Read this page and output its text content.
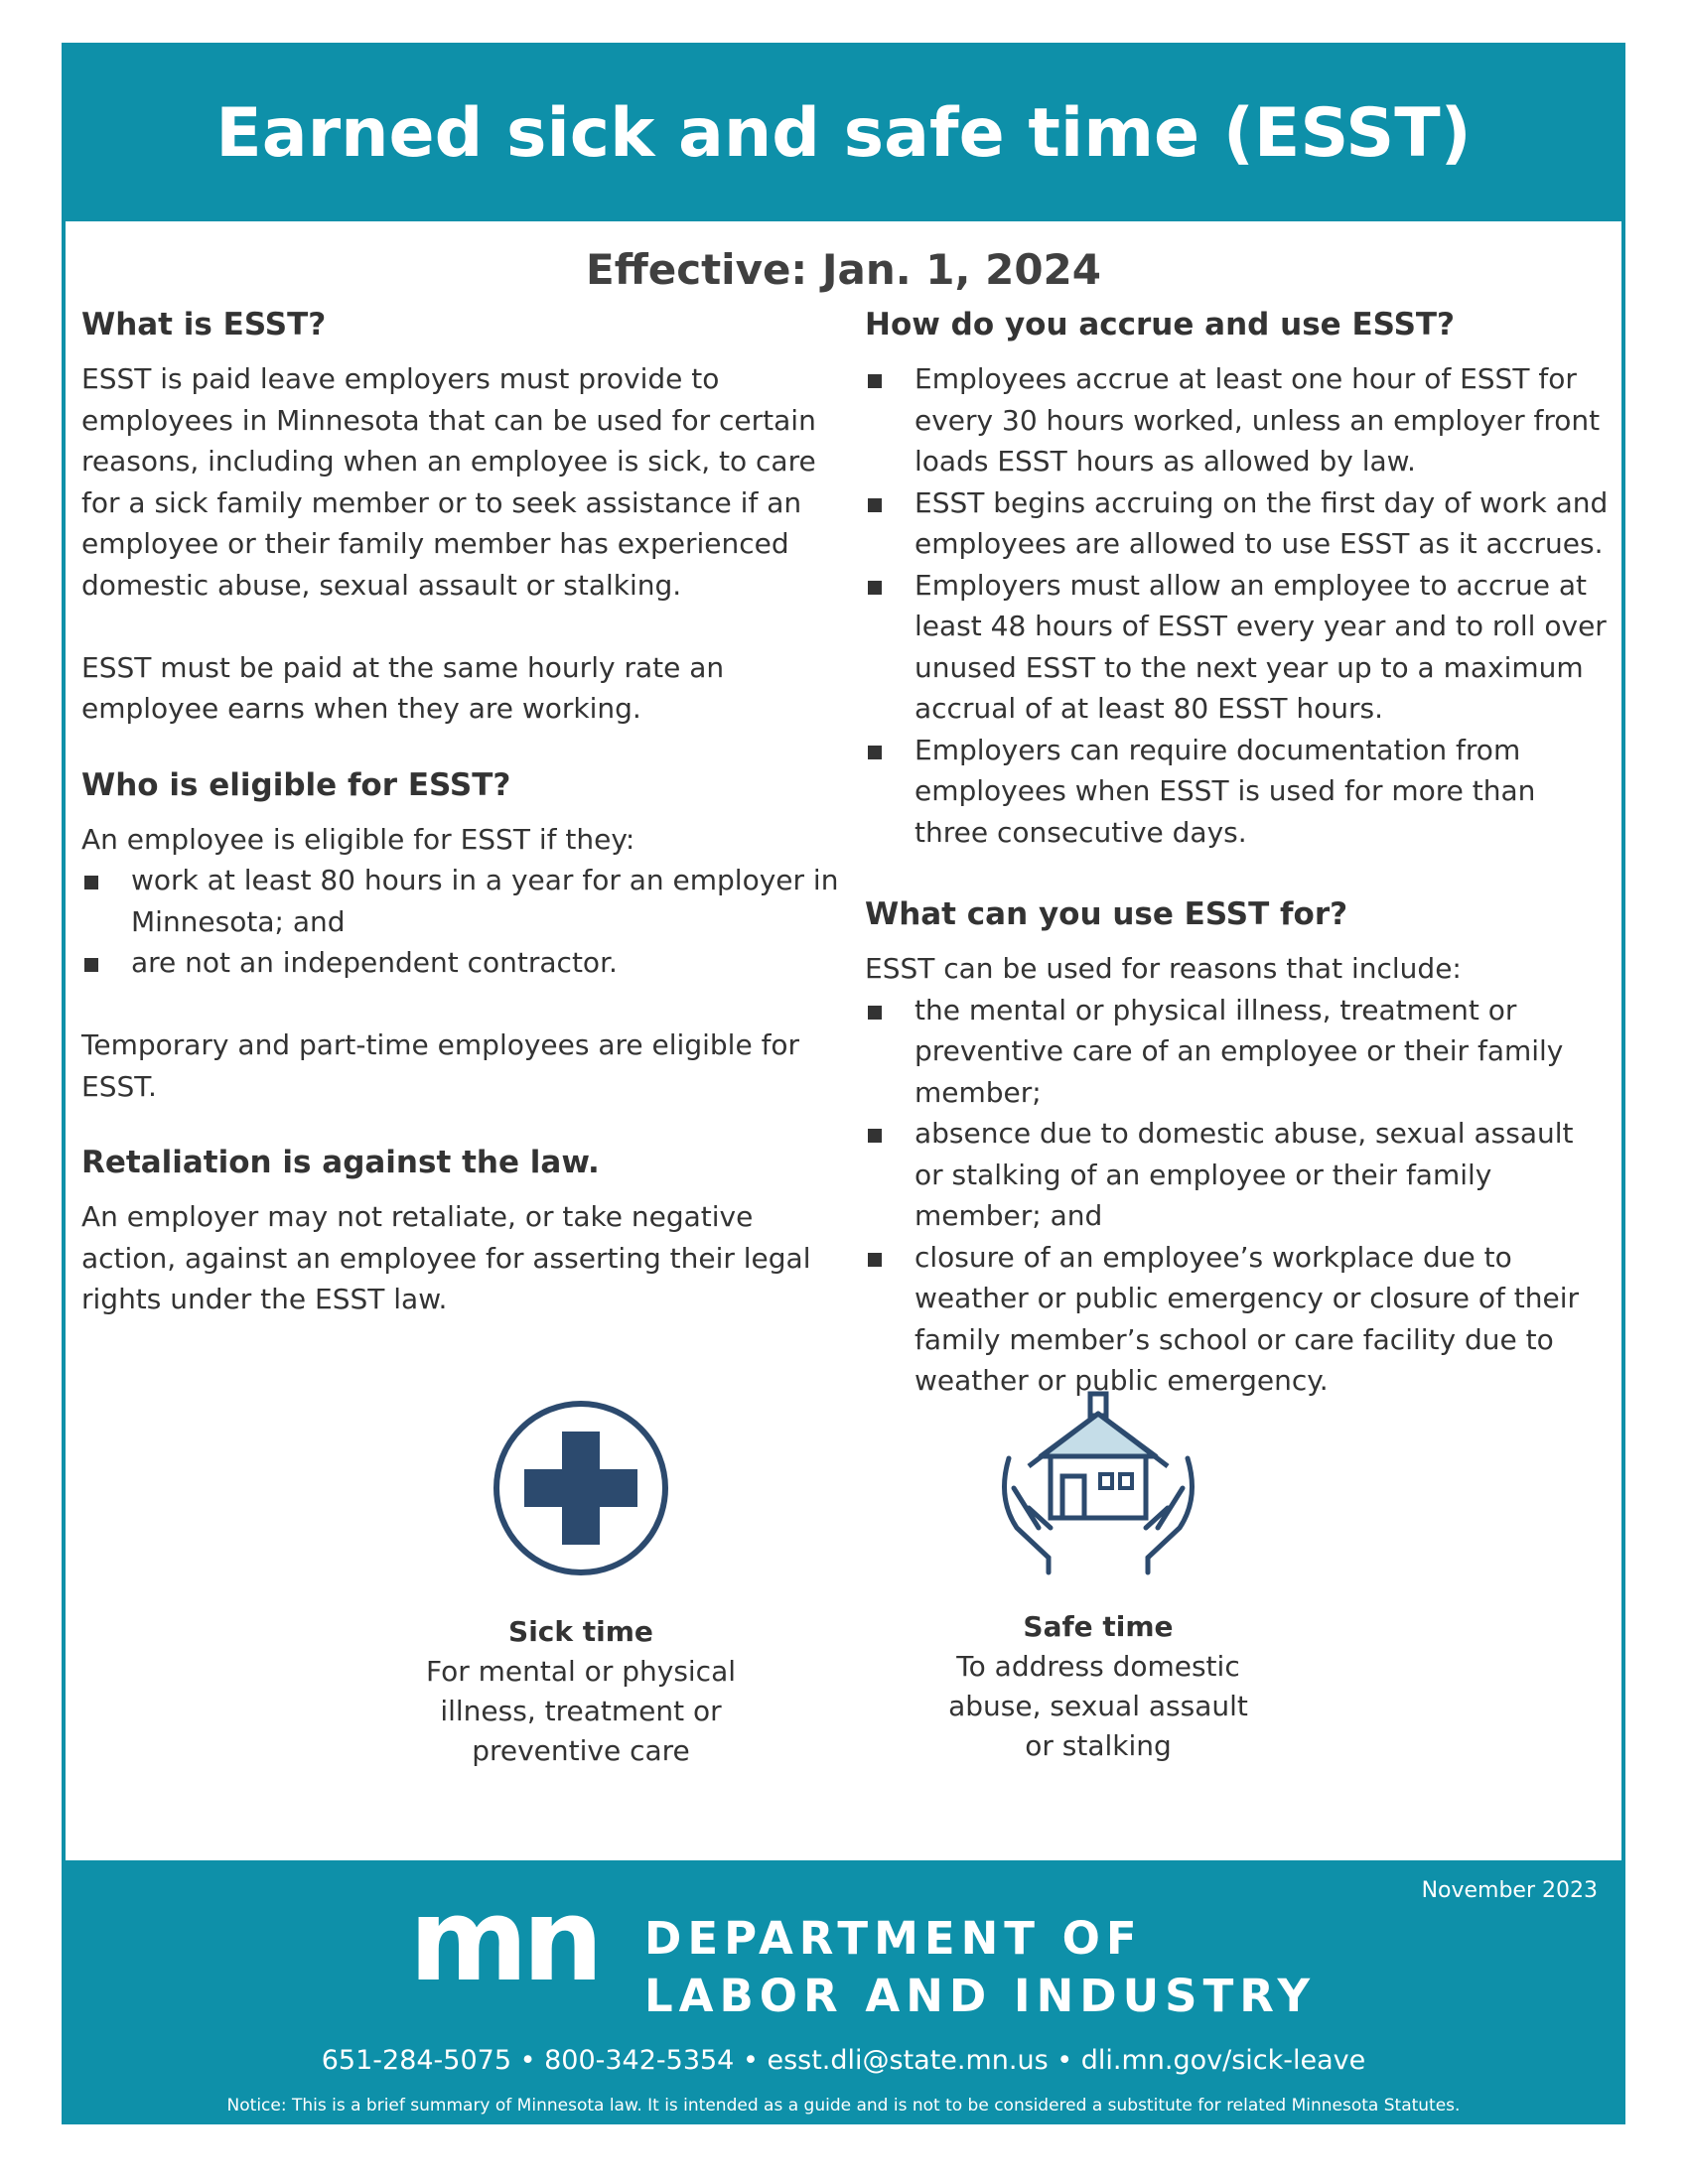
Earned sick and safe time (ESST)
Effective: Jan. 1, 2024
What is ESST?

ESST is paid leave employers must provide to employees in Minnesota that can be used for certain reasons, including when an employee is sick, to care for a sick family member or to seek assistance if an employee or their family member has experienced domestic abuse, sexual assault or stalking.

ESST must be paid at the same hourly rate an employee earns when they are working.

Who is eligible for ESST?

An employee is eligible for ESST if they:

work at least 80 hours in a year for an employer in Minnesota; and
are not an independent contractor.

Temporary and part-time employees are eligible for ESST.

Retaliation is against the law.

An employer may not retaliate, or take negative action, against an employee for asserting their legal rights under the ESST law.

How do you accrue and use ESST?
Employees accrue at least one hour of ESST for every 30 hours worked, unless an employer front loads ESST hours as allowed by law.
ESST begins accruing on the first day of work and employees are allowed to use ESST as it accrues.
Employers must allow an employee to accrue at least 48 hours of ESST every year and to roll over unused ESST to the next year up to a maximum accrual of at least 80 ESST hours.
Employers can require documentation from employees when ESST is used for more than three consecutive days.
What can you use ESST for?

ESST can be used for reasons that include:

the mental or physical illness, treatment or preventive care of an employee or their family member;
absence due to domestic abuse, sexual assault or stalking of an employee or their family member; and
closure of an employee’s workplace due to weather or public emergency or closure of their family member’s school or care facility due to weather or public emergency.
Sick time
For mental or physical illness, treatment or preventive care
Safe time
To address domestic abuse, sexual assault or stalking
November 2023
mn DEPARTMENT OF
LABOR AND INDUSTRY
651-284-5075 • 800-342-5354 • esst.dli@state.mn.us • dli.mn.gov/sick-leave
Notice: This is a brief summary of Minnesota law. It is intended as a guide and is not to be considered a substitute for related Minnesota Statutes.
